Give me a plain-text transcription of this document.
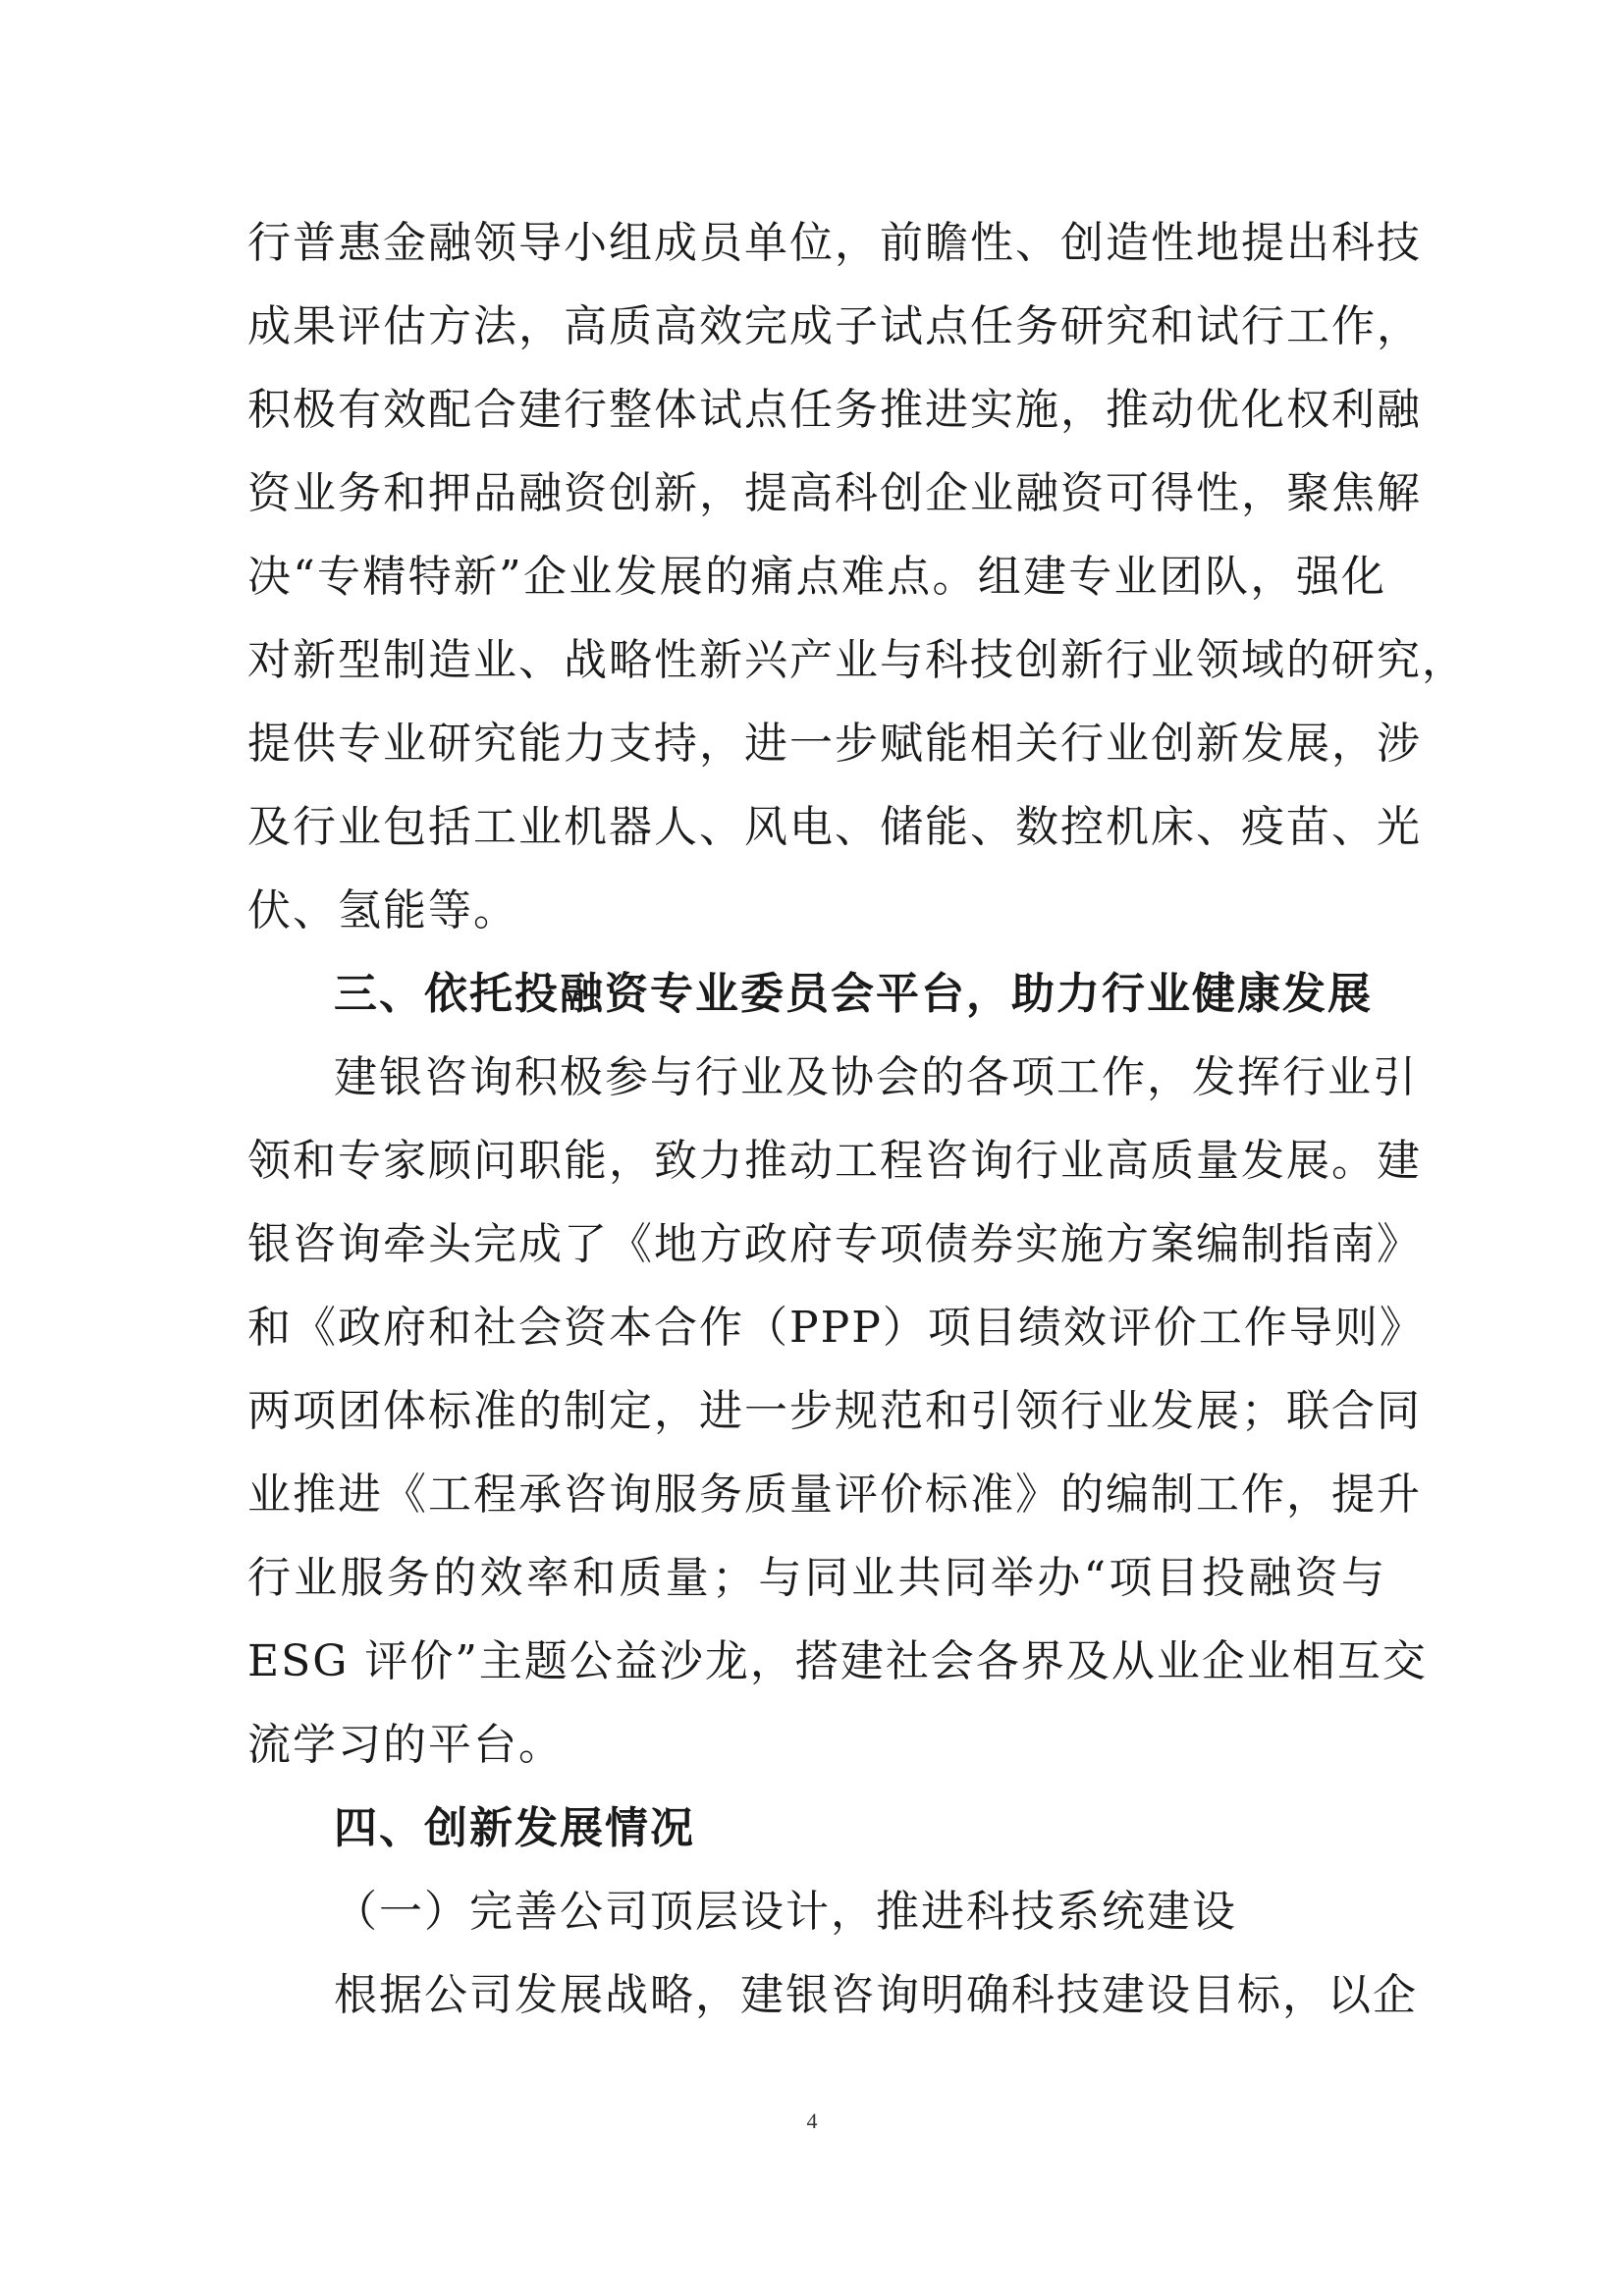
行普惠金融领导小组成员单位，前瞻性、创造性地提出科技
成果评估方法，高质高效完成子试点任务研究和试行工作，
积极有效配合建行整体试点任务推进实施，推动优化权利融
资业务和押品融资创新，提高科创企业融资可得性，聚焦解
决“专精特新”企业发展的痛点难点。组建专业团队，强化
对新型制造业、战略性新兴产业与科技创新行业领域的研究，
提供专业研究能力支持，进一步赋能相关行业创新发展，涉
及行业包括工业机器人、风电、储能、数控机床、疫苗、光
伏、氢能等。
三、依托投融资专业委员会平台，助力行业健康发展
建银咨询积极参与行业及协会的各项工作，发挥行业引
领和专家顾问职能，致力推动工程咨询行业高质量发展。建
银咨询牵头完成了《地方政府专项债券实施方案编制指南》
和《政府和社会资本合作（PPP）项目绩效评价工作导则》
两项团体标准的制定，进一步规范和引领行业发展；联合同
业推进《工程承咨询服务质量评价标准》的编制工作，提升
行业服务的效率和质量；与同业共同举办“项目投融资与
ESG 评价”主题公益沙龙，搭建社会各界及从业企业相互交
流学习的平台。
四、创新发展情况
（一）完善公司顶层设计，推进科技系统建设
根据公司发展战略，建银咨询明确科技建设目标，以企
4
